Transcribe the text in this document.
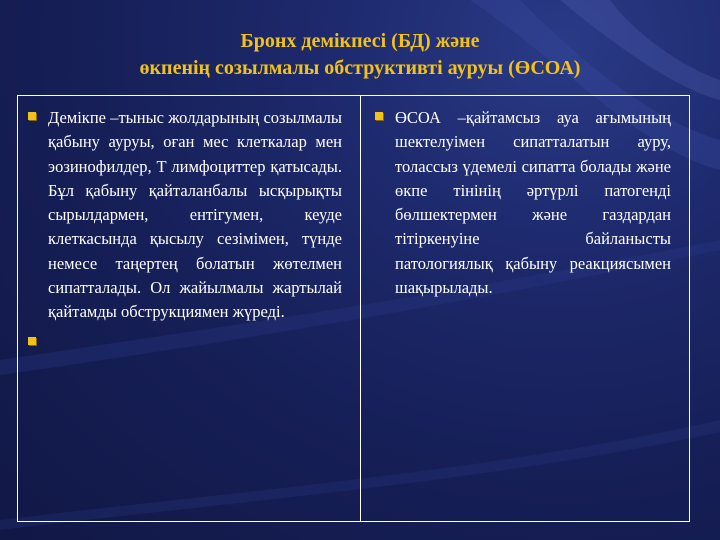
Бронх демікпесі (БД) және
өкпенің созылмалы обструктивті ауруы (ӨСОА)
Демікпе –тыныс жолдарының созылмалы қабыну ауруы, оған мес клеткалар мен эозинофилдер, Т лимфоциттер қатысады. Бұл қабыну қайталанбалы ысқырықты сырылдармен, ентігумен, кеуде клеткасында қысылу сезімімен, түнде немесе таңертең болатын жөтелмен сипатталады. Ол жайылмалы жартылай қайтамды обструкциямен жүреді.
ӨСОА –қайтамсыз ауа ағымының шектелуімен сипатталатын ауру, толассыз үдемелі сипатта болады және өкпе тінінің әртүрлі патогенді бөлшектермен және газдардан тітіркенуіне байланысты патологиялық қабыну реакциясымен шақырылады.
